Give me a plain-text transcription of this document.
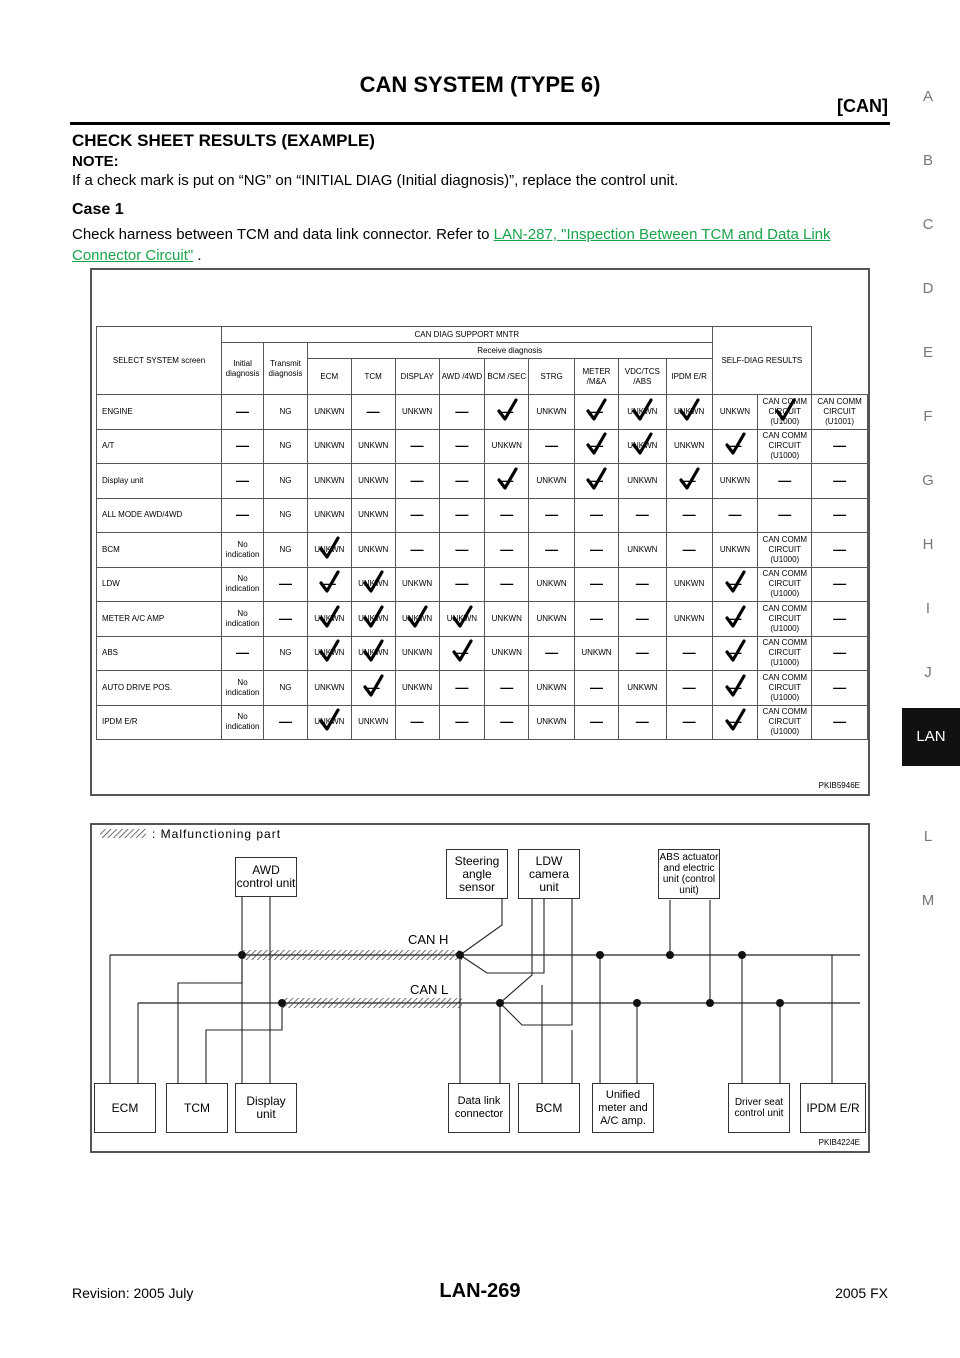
CAN SYSTEM (TYPE 6)
[CAN]	A
B
C
D
E
F
G
H
I
J
LAN
L
M
CHECK SHEET RESULTS (EXAMPLE)
NOTE:
If a check mark is put on “NG” on “INITIAL DIAG (Initial diagnosis)”, replace the control unit.
Case 1
Check harness between TCM and data link connector. Refer to LAN-287, "Inspection Between TCM and Data Link Connector Circuit" .
SELECT SYSTEM screen	CAN DIAG SUPPORT MNTR											SELF-DIAG RESULTS		
	Initial diagnosis	Transmit diagnosis	Receive diagnosis											
			ECM	TCM	DISPLAY	AWD /4WD	BCM /SEC	STRG	METER /M&A	VDC/TCS /ABS	IPDM E/R			
ENGINE	—	NG	UNKWN	—	UNKWN	—	—	UNKWN	—	UNKWN	UNKWN	UNKWN	CAN COMM CIRCUIT (U1000)	CAN COMM CIRCUIT (U1001)
A/T	—	NG	UNKWN	UNKWN	—	—	UNKWN	—	—	UNKWN	UNKWN	—	CAN COMM CIRCUIT (U1000)	—
Display unit	—	NG	UNKWN	UNKWN	—	—	—	UNKWN	—	UNKWN	—	UNKWN	—	—
ALL MODE AWD/4WD	—	NG	UNKWN	UNKWN	—	—	—	—	—	—	—	—	—	—
BCM	No indication	NG	UNKWN	UNKWN	—	—	—	—	—	UNKWN	—	UNKWN	CAN COMM CIRCUIT (U1000)	—
LDW	No indication	—	—	UNKWN	UNKWN	—	—	UNKWN	—	—	UNKWN	—	CAN COMM CIRCUIT (U1000)	—
METER A/C AMP	No indication	—	UNKWN	UNKWN	UNKWN	UNKWN	UNKWN	UNKWN	—	—	UNKWN	—	CAN COMM CIRCUIT (U1000)	—
ABS	—	NG	UNKWN	UNKWN	UNKWN	—	UNKWN	—	UNKWN	—	—	—	CAN COMM CIRCUIT (U1000)	—
AUTO DRIVE POS.	No indication	NG	UNKWN	—	UNKWN	—	—	UNKWN	—	UNKWN	—	—	CAN COMM CIRCUIT (U1000)	—
IPDM E/R	No indication	—	UNKWN	UNKWN	—	—	—	UNKWN	—	—	—	—	CAN COMM CIRCUIT (U1000)	—
PKIB5946E
: Malfunctioning part
CAN H
CAN L
AWD control unit
Steering angle sensor
LDW camera unit
ABS actuator and electric unit (control unit)
ECM	TCM	Display unit
Data link connector	BCM
Unified meter and A/C amp.
Driver seat control unit	IPDM E/R
PKIB4224E
Revision: 2005 July	LAN-269	2005 FX
